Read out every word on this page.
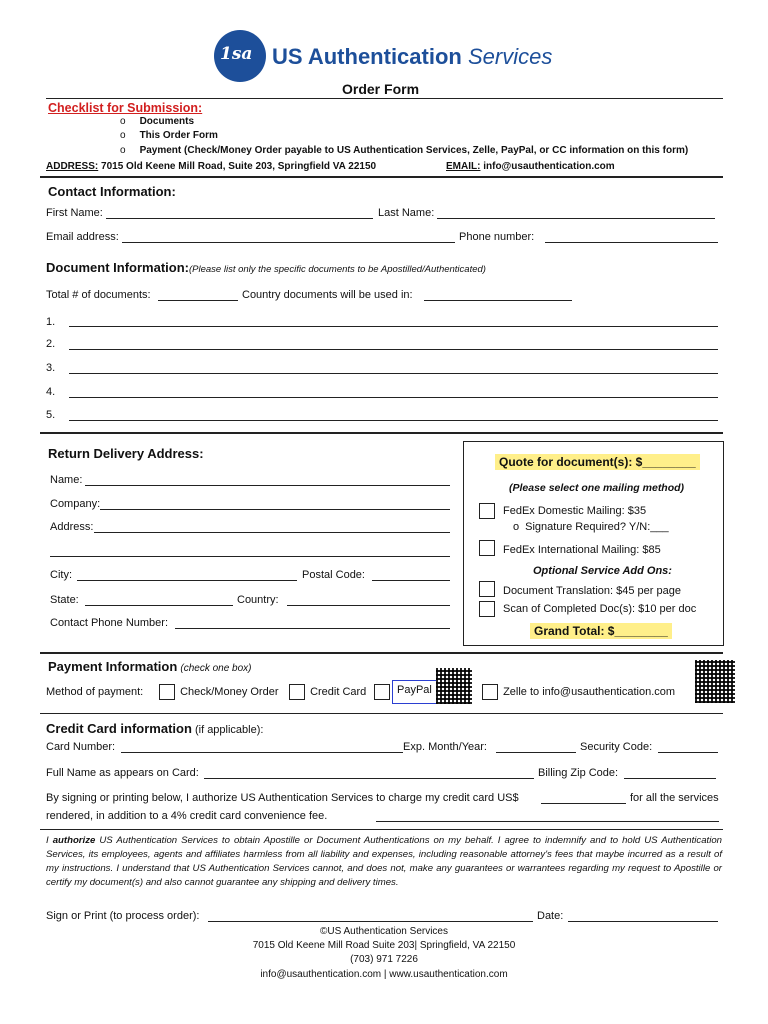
1sa US Authentication Services
Order Form
Checklist for Submission:
o Documents
o This Order Form
o Payment (Check/Money Order payable to US Authentication Services, Zelle, PayPal, or CC information on this form)
ADDRESS: 7015 Old Keene Mill Road, Suite 203, Springfield VA 22150	EMAIL: info@usauthentication.com
Contact Information:
First Name:	Last Name:
Email address:	Phone number:
Document Information:(Please list only the specific documents to be Apostilled/Authenticated)
Total # of documents:	Country documents will be used in:
1.
2.
3.
4.
5.
Return Delivery Address:
Name:
Company:
Address:
City:	Postal Code:
State:	Country:
Contact Phone Number:
Quote for document(s): $________
(Please select one mailing method)
FedEx Domestic Mailing: $35
o Signature Required? Y/N:___
FedEx International Mailing: $85
Optional Service Add Ons:
Document Translation: $45 per page
Scan of Completed Doc(s): $10 per doc
Grand Total: $________
Payment Information (check one box)
Method of payment:	Check/Money Order	Credit Card	PayPal	Zelle to info@usauthentication.com
Credit Card information (if applicable):
Card Number:	Exp. Month/Year:	Security Code:
Full Name as appears on Card:	Billing Zip Code:
By signing or printing below, I authorize US Authentication Services to charge my credit card US$	for all the services
rendered, in addition to a 4% credit card convenience fee.
I authorize US Authentication Services to obtain Apostille or Document Authentications on my behalf. I agree to indemnify and to hold US Authentication Services, its employees, agents and affiliates harmless from all liability and expenses, including reasonable attorney's fees that maybe incurred as a result of my instructions. I understand that US Authentication Services cannot, and does not, make any guarantees or warrantees regarding my request to Apostille or certify my document(s) and also cannot guarantee any shipping and delivery times.
Sign or Print (to process order):	Date:
©US Authentication Services
7015 Old Keene Mill Road Suite 203| Springfield, VA 22150
(703) 971 7226
info@usauthentication.com | www.usauthentication.com
